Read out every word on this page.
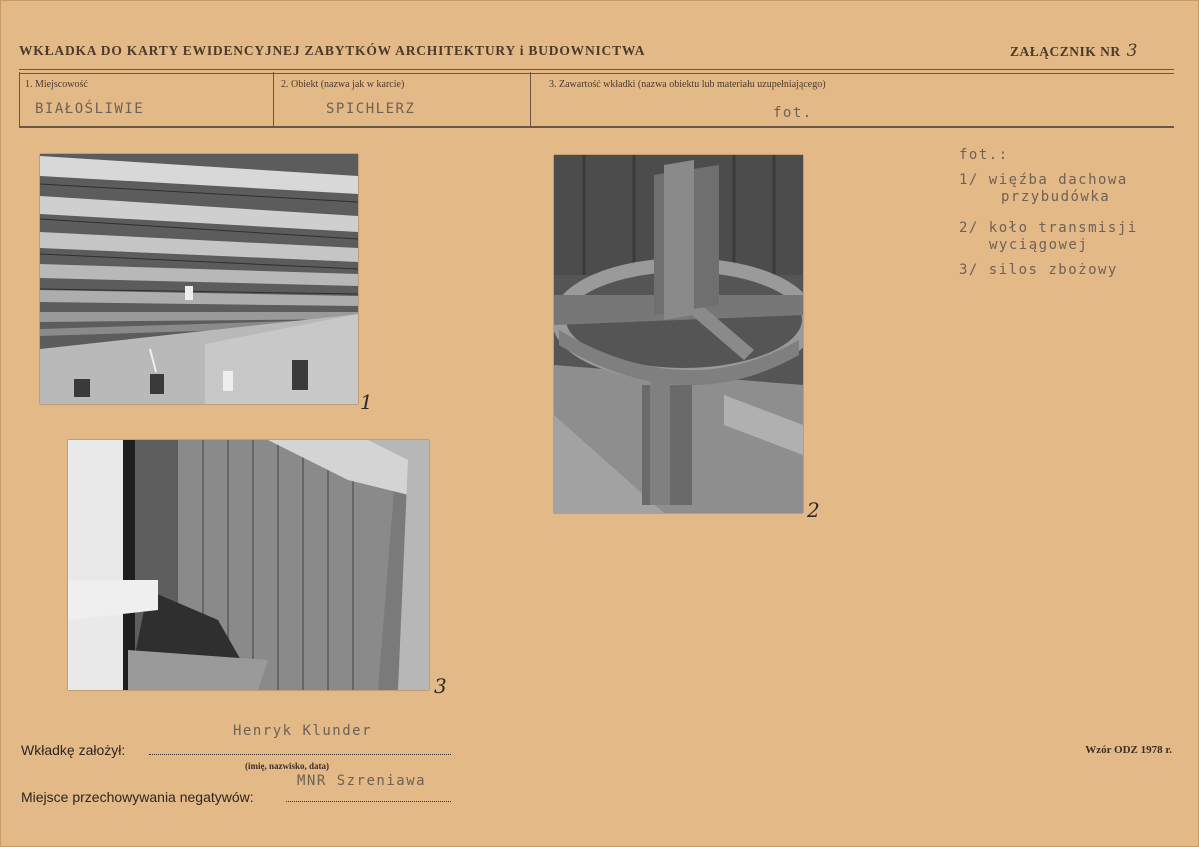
WKŁADKA DO KARTY EWIDENCYJNEJ ZABYTKÓW ARCHITEKTURY i BUDOWNICTWA	ZAŁĄCZNIK NR 3
1. Miejscowość
BIAŁOŚLIWIE
2. Obiekt (nazwa jak w karcie)
SPICHLERZ
3. Zawartość wkładki (nazwa obiektu lub materiału uzupełniającego)
fot.
1
2
3
fot.:
1/ więźba dachowa
przybudówka
2/ koło transmisji
wyciągowej
3/ silos zbożowy
Henryk Klunder
Wkładkę założył:
(imię, nazwisko, data)
MNR Szreniawa
Miejsce przechowywania negatywów:
Wzór ODZ 1978 r.
